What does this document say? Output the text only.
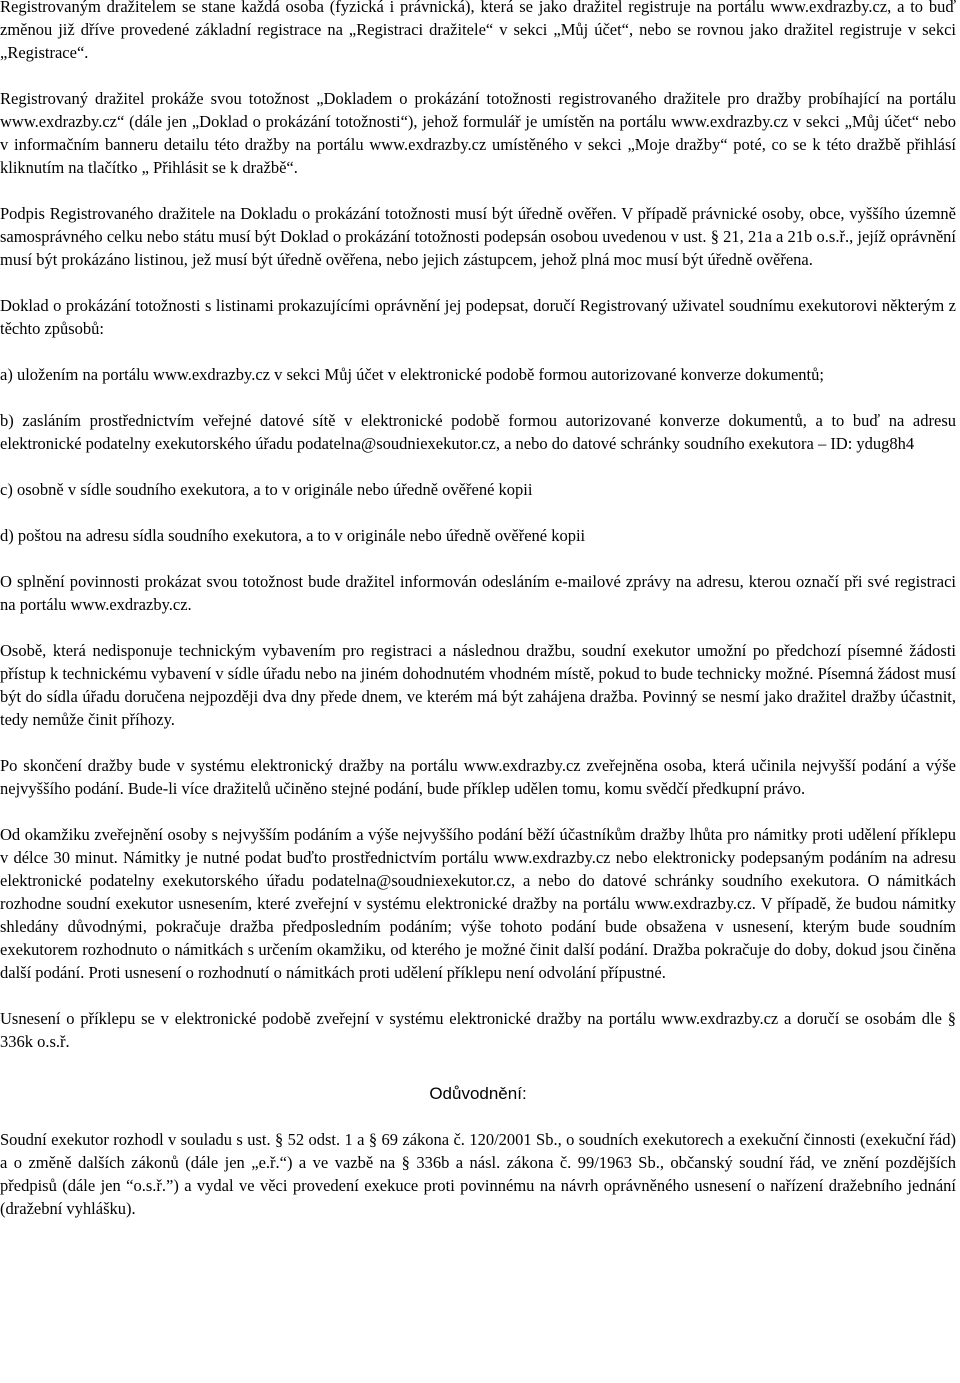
Registrovaným dražitelem se stane každá osoba (fyzická i právnická), která se jako dražitel registruje na portálu www.exdrazby.cz, a to buď změnou již dříve provedené základní registrace na „Registraci dražitele“ v sekci „Můj účet“, nebo se rovnou jako dražitel registruje v sekci „Registrace“.

Registrovaný dražitel prokáže svou totožnost „Dokladem o prokázání totožnosti registrovaného dražitele pro dražby probíhající na portálu www.exdrazby.cz“ (dále jen „Doklad o prokázání totožnosti“), jehož formulář je umístěn na portálu www.exdrazby.cz v sekci „Můj účet“ nebo v informačním banneru detailu této dražby na portálu www.exdrazby.cz umístěného v sekci „Moje dražby“ poté, co se k této dražbě přihlásí kliknutím na tlačítko „ Přihlásit se k dražbě“.

Podpis Registrovaného dražitele na Dokladu o prokázání totožnosti musí být úředně ověřen. V případě právnické osoby, obce, vyššího územně samosprávného celku nebo státu musí být Doklad o prokázání totožnosti podepsán osobou uvedenou v ust. § 21, 21a a 21b o.s.ř., jejíž oprávnění musí být prokázáno listinou, jež musí být úředně ověřena, nebo jejich zástupcem, jehož plná moc musí být úředně ověřena.

Doklad o prokázání totožnosti s listinami prokazujícími oprávnění jej podepsat, doručí Registrovaný uživatel soudnímu exekutorovi některým z těchto způsobů:

a) uložením na portálu www.exdrazby.cz v sekci Můj účet v elektronické podobě formou autorizované konverze dokumentů;

b) zasláním prostřednictvím veřejné datové sítě v elektronické podobě formou autorizované konverze dokumentů, a to buď na adresu elektronické podatelny exekutorského úřadu podatelna@soudniexekutor.cz, a nebo do datové schránky soudního exekutora – ID: ydug8h4

c) osobně v sídle soudního exekutora, a to v originále nebo úředně ověřené kopii

d) poštou na adresu sídla soudního exekutora, a to v originále nebo úředně ověřené kopii

O splnění povinnosti prokázat svou totožnost bude dražitel informován odesláním e-mailové zprávy na adresu, kterou označí při své registraci na portálu www.exdrazby.cz.

Osobě, která nedisponuje technickým vybavením pro registraci a následnou dražbu, soudní exekutor umožní po předchozí písemné žádosti přístup k technickému vybavení v sídle úřadu nebo na jiném dohodnutém vhodném místě, pokud to bude technicky možné. Písemná žádost musí být do sídla úřadu doručena nejpozději dva dny přede dnem, ve kterém má být zahájena dražba. Povinný se nesmí jako dražitel dražby účastnit, tedy nemůže činit příhozy.

Po skončení dražby bude v systému elektronický dražby na portálu www.exdrazby.cz zveřejněna osoba, která učinila nejvyšší podání a výše nejvyššího podání. Bude-li více dražitelů učiněno stejné podání, bude příklep udělen tomu, komu svědčí předkupní právo.

Od okamžiku zveřejnění osoby s nejvyšším podáním a výše nejvyššího podání běží účastníkům dražby lhůta pro námitky proti udělení příklepu v délce 30 minut. Námitky je nutné podat buďto prostřednictvím portálu www.exdrazby.cz nebo elektronicky podepsaným podáním na adresu elektronické podatelny exekutorského úřadu podatelna@soudniexekutor.cz, a nebo do datové schránky soudního exekutora. O námitkách rozhodne soudní exekutor usnesením, které zveřejní v systému elektronické dražby na portálu www.exdrazby.cz. V případě, že budou námitky shledány důvodnými, pokračuje dražba předposledním podáním; výše tohoto podání bude obsažena v usnesení, kterým bude soudním exekutorem rozhodnuto o námitkách s určením okamžiku, od kterého je možné činit další podání. Dražba pokračuje do doby, dokud jsou činěna další podání. Proti usnesení o rozhodnutí o námitkách proti udělení příklepu není odvolání přípustné.

Usnesení o příklepu se v elektronické podobě zveřejní v systému elektronické dražby na portálu www.exdrazby.cz a doručí se osobám dle § 336k o.s.ř.

Odůvodnění:

Soudní exekutor rozhodl v souladu s ust. § 52 odst. 1 a § 69 zákona č. 120/2001 Sb., o soudních exekutorech a exekuční činnosti (exekuční řád) a o změně dalších zákonů (dále jen „e.ř.“) a ve vazbě na § 336b a násl. zákona č. 99/1963 Sb., občanský soudní řád, ve znění pozdějších předpisů (dále jen “o.s.ř.”) a vydal ve věci provedení exekuce proti povinnému na návrh oprávněného usnesení o nařízení dražebního jednání (dražební vyhlášku).
